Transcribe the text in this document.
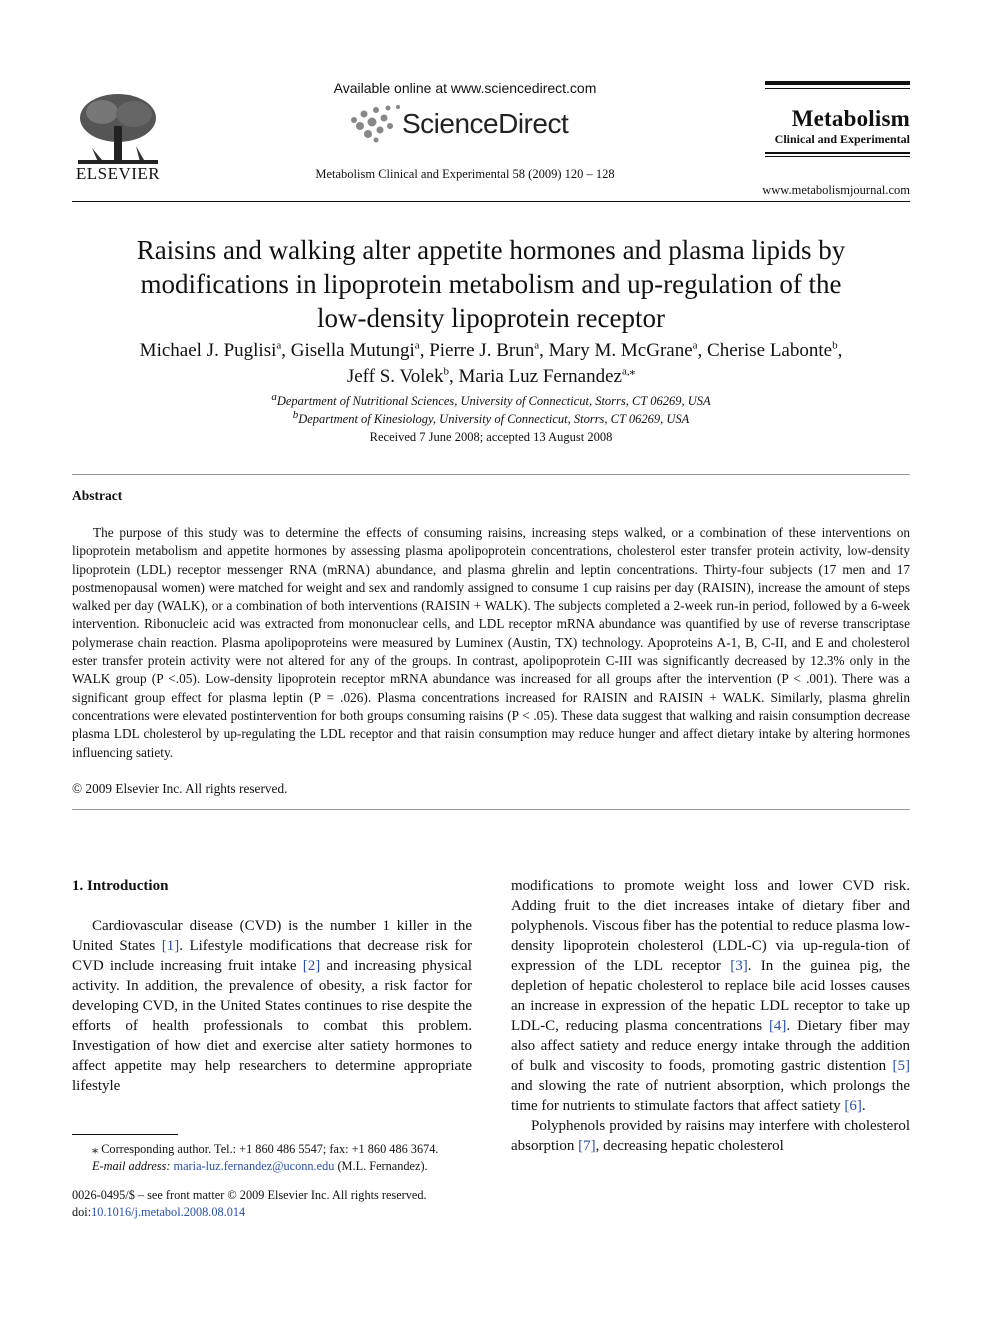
ELSEVIER
Available online at www.sciencedirect.com
ScienceDirect
Metabolism Clinical and Experimental 58 (2009) 120 – 128
Metabolism
Clinical and Experimental
www.metabolismjournal.com
Raisins and walking alter appetite hormones and plasma lipids by
modifications in lipoprotein metabolism and up-regulation of the
low-density lipoprotein receptor
Michael J. Puglisi$^a$, Gisella Mutungi$^a$, Pierre J. Brun$^a$, Mary M. McGrane$^a$, Cherise Labonte$^b$,
Jeff S. Volek$^b$, Maria Luz Fernandez$^{a,⁎}$
$^a$Department of Nutritional Sciences, University of Connecticut, Storrs, CT 06269, USA
$^b$Department of Kinesiology, University of Connecticut, Storrs, CT 06269, USA
Received 7 June 2008; accepted 13 August 2008
Abstract
The purpose of this study was to determine the effects of consuming raisins, increasing steps walked, or a combination of these interventions on lipoprotein metabolism and appetite hormones by assessing plasma apolipoprotein concentrations, cholesterol ester transfer protein activity, low-density lipoprotein (LDL) receptor messenger RNA (mRNA) abundance, and plasma ghrelin and leptin concentrations. Thirty-four subjects (17 men and 17 postmenopausal women) were matched for weight and sex and randomly assigned to consume 1 cup raisins per day (RAISIN), increase the amount of steps walked per day (WALK), or a combination of both interventions (RAISIN + WALK). The subjects completed a 2-week run-in period, followed by a 6-week intervention. Ribonucleic acid was extracted from mononuclear cells, and LDL receptor mRNA abundance was quantified by use of reverse transcriptase polymerase chain reaction. Plasma apolipoproteins were measured by Luminex (Austin, TX) technology. Apoproteins A-1, B, C-II, and E and cholesterol ester transfer protein activity were not altered for any of the groups. In contrast, apolipoprotein C-III was significantly decreased by 12.3% only in the WALK group (P <.05). Low-density lipoprotein receptor mRNA abundance was increased for all groups after the intervention (P < .001). There was a significant group effect for plasma leptin (P = .026). Plasma concentrations increased for RAISIN and RAISIN + WALK. Similarly, plasma ghrelin concentrations were elevated postintervention for both groups consuming raisins (P < .05). These data suggest that walking and raisin consumption decrease plasma LDL cholesterol by up-regulating the LDL receptor and that raisin consumption may reduce hunger and affect dietary intake by altering hormones influencing satiety.
© 2009 Elsevier Inc. All rights reserved.

1. Introduction

Cardiovascular disease (CVD) is the number 1 killer in the United States [1]. Lifestyle modifications that decrease risk for CVD include increasing fruit intake [2] and increasing physical activity. In addition, the prevalence of obesity, a risk factor for developing CVD, in the United States continues to rise despite the efforts of health professionals to combat this problem. Investigation of how diet and exercise alter satiety hormones to affect appetite may help researchers to determine appropriate lifestyle

modifications to promote weight loss and lower CVD risk. Adding fruit to the diet increases intake of dietary fiber and polyphenols. Viscous fiber has the potential to reduce plasma low-density lipoprotein cholesterol (LDL-C) via up-regula-tion of expression of the LDL receptor [3]. In the guinea pig, the depletion of hepatic cholesterol to replace bile acid losses causes an increase in expression of the hepatic LDL receptor to take up LDL-C, reducing plasma concentrations [4]. Dietary fiber may also affect satiety and reduce energy intake through the addition of bulk and viscosity to foods, promoting gastric distention [5] and slowing the rate of nutrient absorption, which prolongs the time for nutrients to stimulate factors that affect satiety [6].

Polyphenols provided by raisins may interfere with cholesterol absorption [7], decreasing hepatic cholesterol

⁎ Corresponding author. Tel.: +1 860 486 5547; fax: +1 860 486 3674.
E-mail address: maria-luz.fernandez@uconn.edu (M.L. Fernandez).
0026-0495/$ – see front matter © 2009 Elsevier Inc. All rights reserved.
doi:10.1016/j.metabol.2008.08.014
